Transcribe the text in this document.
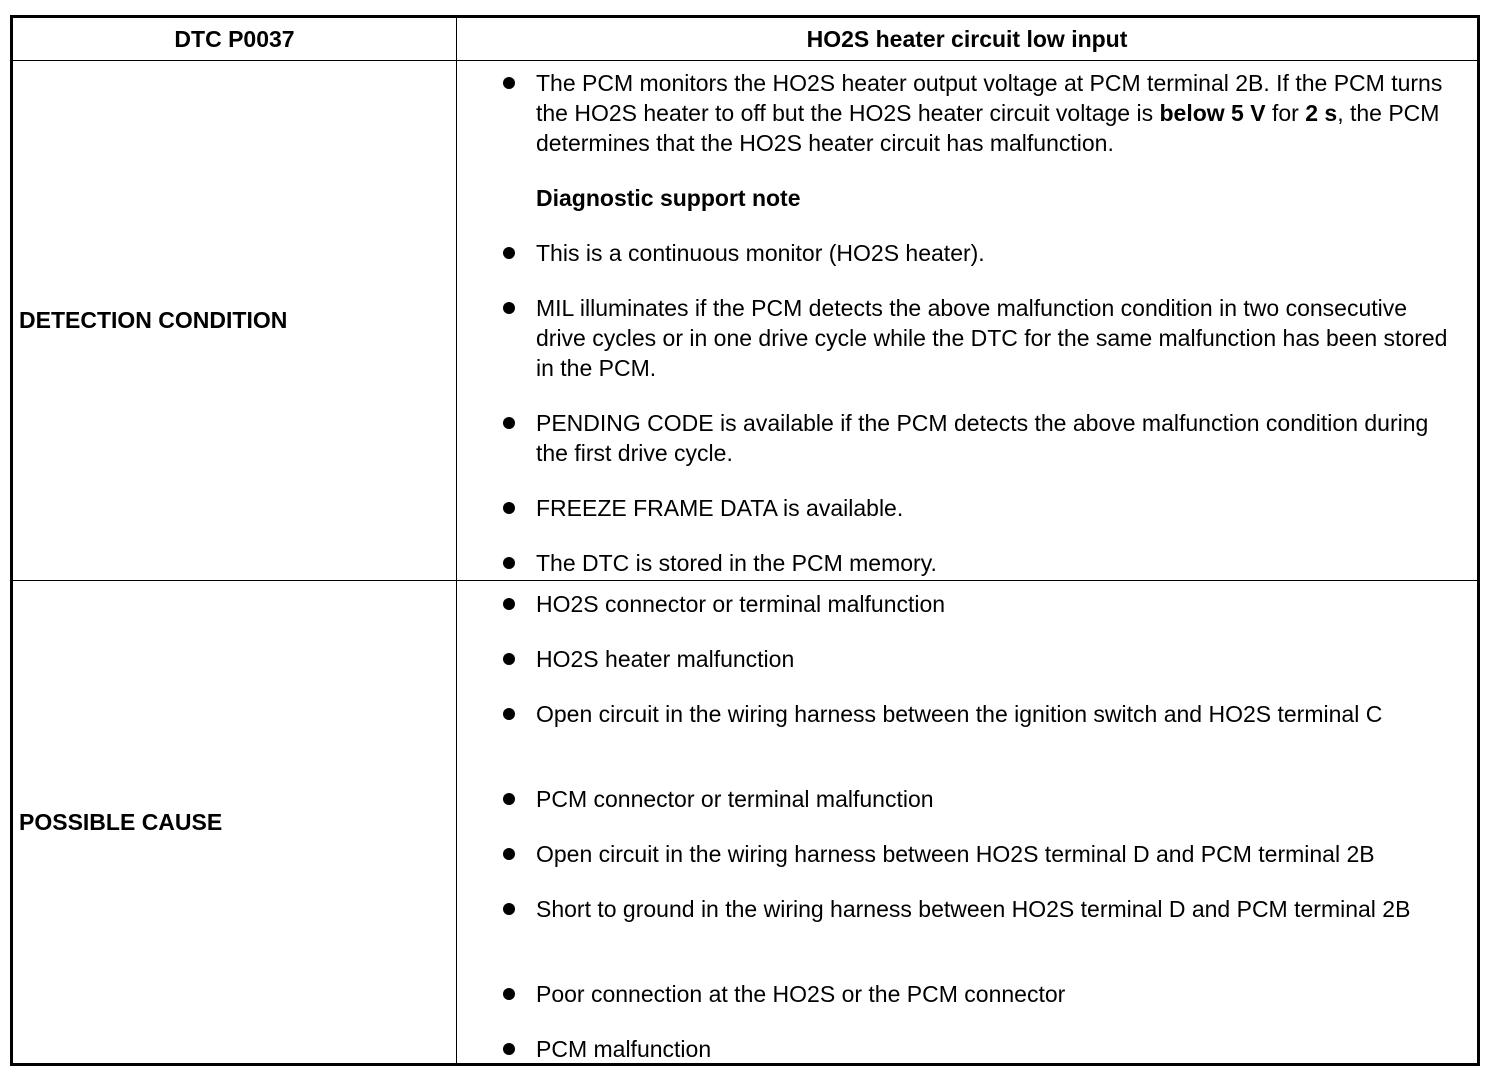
DTC P0037	HO2S heater circuit low input
DETECTION CONDITION
The PCM monitors the HO2S heater output voltage at PCM terminal 2B. If the PCM turns the HO2S heater to off but the HO2S heater circuit voltage is below 5 V for 2 s, the PCM determines that the HO2S heater circuit has malfunction.
Diagnostic support note
This is a continuous monitor (HO2S heater).
MIL illuminates if the PCM detects the above malfunction condition in two consecutive drive cycles or in one drive cycle while the DTC for the same malfunction has been stored in the PCM.
PENDING CODE is available if the PCM detects the above malfunction condition during the first drive cycle.
FREEZE FRAME DATA is available.
The DTC is stored in the PCM memory.
POSSIBLE CAUSE
HO2S connector or terminal malfunction
HO2S heater malfunction
Open circuit in the wiring harness between the ignition switch and HO2S terminal C
PCM connector or terminal malfunction
Open circuit in the wiring harness between HO2S terminal D and PCM terminal 2B
Short to ground in the wiring harness between HO2S terminal D and PCM terminal 2B
Poor connection at the HO2S or the PCM connector
PCM malfunction
